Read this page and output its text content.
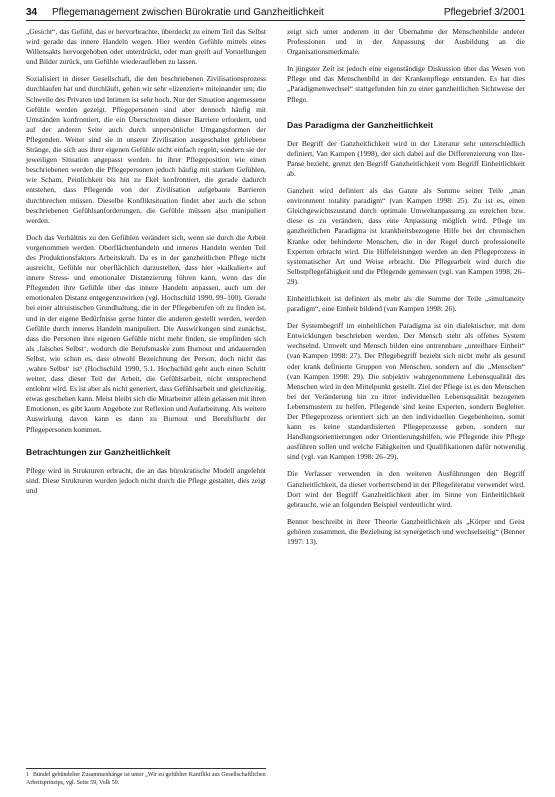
34 Pflegemanagement zwischen Bürokratie und Ganzheitlichkeit	Pflegebrief 3/2001

„Gesicht“, das Gefühl, das er hervorbrachte, überdeckt zu einem Teil das Selbst wird gerade das innere Handeln wegen. Hier werden Gefühle mittels eines Willensakts hervorgehoben oder unterdrückt, oder man greift auf Vorstellungen und Bilder zurück, um Gefühle wiederaufleben zu lassen.

Sozialisiert in dieser Gesellschaft, die den beschriebenen Zivilisationsprozess durchlaufen hat und durchläuft, gehen wir sehr »lizenziert« miteinander um; die Schwelle des Privaten und Intimen ist sehr hoch. Nur der Situation angemessene Gefühle werden gezeigt. Pflegepersonen sind aber dennoch häufig mit Umständen konfrontiert, die ein Überschreiten dieser Barriere erfordern, und auf der anderen Seite auch durch unpersönliche Umgangsformen der Pflegenden. Weiter sind sie in unserer Zivilisation ausgeschaltet gebliebene Stränge, die sich aus ihrer eigenen Gefühle nicht einfach regeln, sondern sie der jeweiligen Situation angepasst werden. In ihrer Pflegeposition wie einen beschriebenen werden die Pflegepersonen jedoch häufig mit starken Gefühlen, wie Scham, Peinlichkeit bis hin zu Ekel konfrontiert, die gerade dadurch entstehen, dass Pflegende von der Zivilisation aufgebaute Barrieren durchbrechen müssen. Dieselbe Konfliktsituation findet aber auch die schon beschriebenen Gefühlsanforderungen, die Gefühle müssen also manipuliert werden.

Doch das Verhältnis zu den Gefühlen verändert sich, wenn sie durch die Arbeit vorgenommen werden. Oberflächenhandeln und inneres Handeln werden Teil des Produktionsfaktors Arbeitskraft. Da es in der ganzheitlichen Pflege nicht ausreicht, Gefühle nur oberflächlich darzustellen, dass hier »kalkuliert« auf innere Stress- und emotionaler Distanzierung führen kann, wenn das die Pflegenden ihre Gefühle über das innere Handeln anpassen, auch um der emotionalen Distanz entgegenzuwirken (vgl. Hochschild 1990, 99–100). Gerade bei einer altruistischen Grundhaltung, die in der Pflegeberufen oft zu finden ist, und in der eigene Bedürfnisse gerne hinter die anderen gestellt werden, werden Gefühle durch inneres Handeln manipuliert. Die Auswirkungen sind zunächst, dass die Personen ihre eigenen Gefühle nicht mehr finden, sie empfinden sich als ‚falsches Selbst‘, wodurch die Berufsmaske zum Burnout und andauernden Selbst, wie schon es, dass obwohl Bezeichnung der Person, doch nicht das ‚wahre Selbst‘ ist¹ (Hochschild 1990, 5.1. Hochschild geht auch einen Schritt weiter, dass dieser Teil der Arbeit, die Gefühlsarbeit, nicht entsprechend entlohnt wird. Es ist aber als nicht generiert, dass Gefühlsarbeit und gleichzeitig, etwas geschehen kann. Meist bleibt sich die Mitarbeiter allein gelassen mit ihren Emotionen, es gibt kaum Angebote zur Reflexion und Aufarbeitung. Als weitere Auswirkung davon kann es dann zu Burnout und Berufsflucht der Pflegepersonen kommen.

Betrachtungen zur Ganzheitlichkeit

Pflege wird in Strukturen erbracht, die an das bürokratische Modell angelehnt sind. Diese Strukturen wurden jedoch nicht durch die Pflege gestaltet, dies zeigt und

1 Bündel gebündelter Zusammenhänge ist unter „Wir zu gefühlter Kantflikt aus Gesellschaftlichen Arbeitsprinzips, vgl. Seite 59, Volk 59.

zeigt sich unter anderem in der Übernahme der Menschenbilde anderer Professionen und in der Anpassung der Ausbildung an die Organisationsmerkmale.

In jüngster Zeit ist jedoch eine eigenständige Diskussion über das Wesen von Pflege und das Menschenbild in der Krankenpflege entstanden. Es hat dies „Paradigmenwechsel“ stattgefunden hin zu einer ganzheitlichen Sichtweise der Pflege.

Das Paradigma der Ganzheitlichkeit

Der Begriff der Ganzheitlichkeit wird in der Literatur sehr unterschiedlich definiert, Van Kampen (1998), der sich dabei auf die Differenzierung von Ilze-Panse bezieht, grenzt den Begriff Ganzheitlichkeit vom Begriff Einheitlichkeit ab.

Ganzheit wird definiert als das Ganze als Summe seiner Teile „man environment totality paradigm“ (van Kampen 1998: 25). Zu ist es, einen Gleichgewichtszustand durch optimale Umweltanpassung zu erreichen bzw. diese es zu verändern, dass eine Anpassung möglich wird. Pflege im ganzheitlichen Paradigma ist krankheitsbezogene Hilfe bei der chronischen Kranke oder behinderte Menschen, die in der Regel durch professionelle Experten erbracht wird. Die Hilfeleistungen werden an den Pflegeprozess in systematischer Art und Weise erbracht. Die Pflegearbeit wird durch die Selbstpflegefähigkeit und die Pflegende gemessen (vgl. van Kampen 1998, 26–29).

Einheitlichkeit ist definiert als mehr als die Summe der Teile „simultaneity paradigm“, eine Einheit bildend (van Kampen 1998: 26).

Der Systembegriff im einheitlichen Paradigma ist ein dialektischer, mit dem Entwicklungen beschrieben werden. Der Mensch steht als offenes System wechselnd. Umwelt und Mensch bilden eine untrennbare „unteilbare Einheit“ (van Kampen 1998: 27). Der Pflegebegriff bezieht sich nicht mehr als gesund oder krank definierte Gruppen von Menschen, sondern auf die „Menschen“ (van Kampen 1998: 29). Die subjektiv wahrgenommene Lebensqualität des Menschen wird in den Mittelpunkt gestellt. Ziel der Pflege ist es den Menschen bei der Veränderung hin zu ihrer individuellen Lebensqualität bezogenen Lebensmustern zu helfen. Pflegende sind keine Experten, sondern Begleiter. Der Pflegeprozess orientiert sich an den individuellen Gegebenheiten, somit kann es keine standardisierten Pflegeprozesse geben, sondern nur Handlungsorientierungen oder Orientierungshilfen, wie Pflegende ihre Pflege ausführen sollen und welche Fähigkeiten und Qualifikationen dafür notwendig sind (vgl. van Kampen 1998: 26–29).

Die Verfasser verwenden in den weiteren Ausführungen den Begriff Ganzheitlichkeit, da dieser vorherrschend in der Pflegeliteratur verwendet wird. Dort wird der Begriff Ganzheitlichkeit aber im Sinne von Einheitlichkeit gebraucht, wie an folgenden Beispiel verdeutlicht wird.

Benner beschreibt in ihrer Theorie Ganzheitlichkeit als „Körper und Geist gehören zusammen, die Beziehung ist synergetisch und wechselseitig“ (Benner 1997: 13).
